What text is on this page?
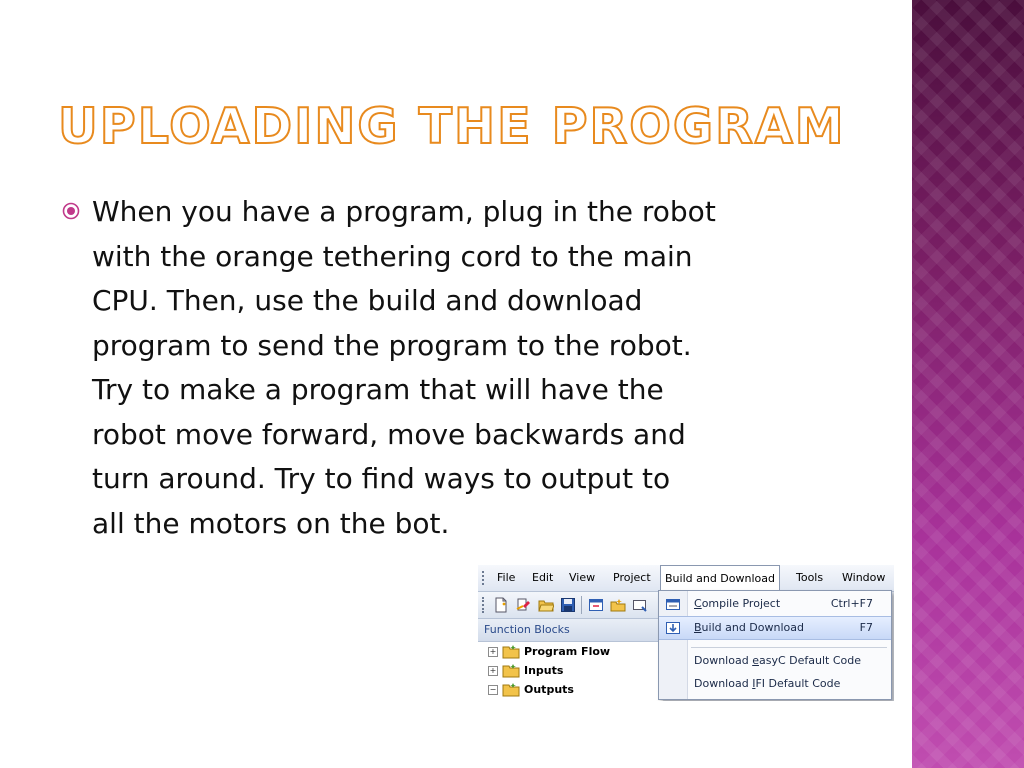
UPLOADING THE PROGRAM

When you have a program, plug in the robot
with the orange tethering cord to the main
CPU. Then, use the build and download
program to send the program to the robot.
Try to make a program that will have the
robot move forward, move backwards and
turn around. Try to find ways to output to
all the motors on the bot.

File	Edit	View	Project	Build and Download	Tools	Window
Function Blocks
+	Program Flow
+	Inputs
−	Outputs
Compile Project	Ctrl+F7
Build and Download	F7
Download easyC Default Code
Download IFI Default Code
